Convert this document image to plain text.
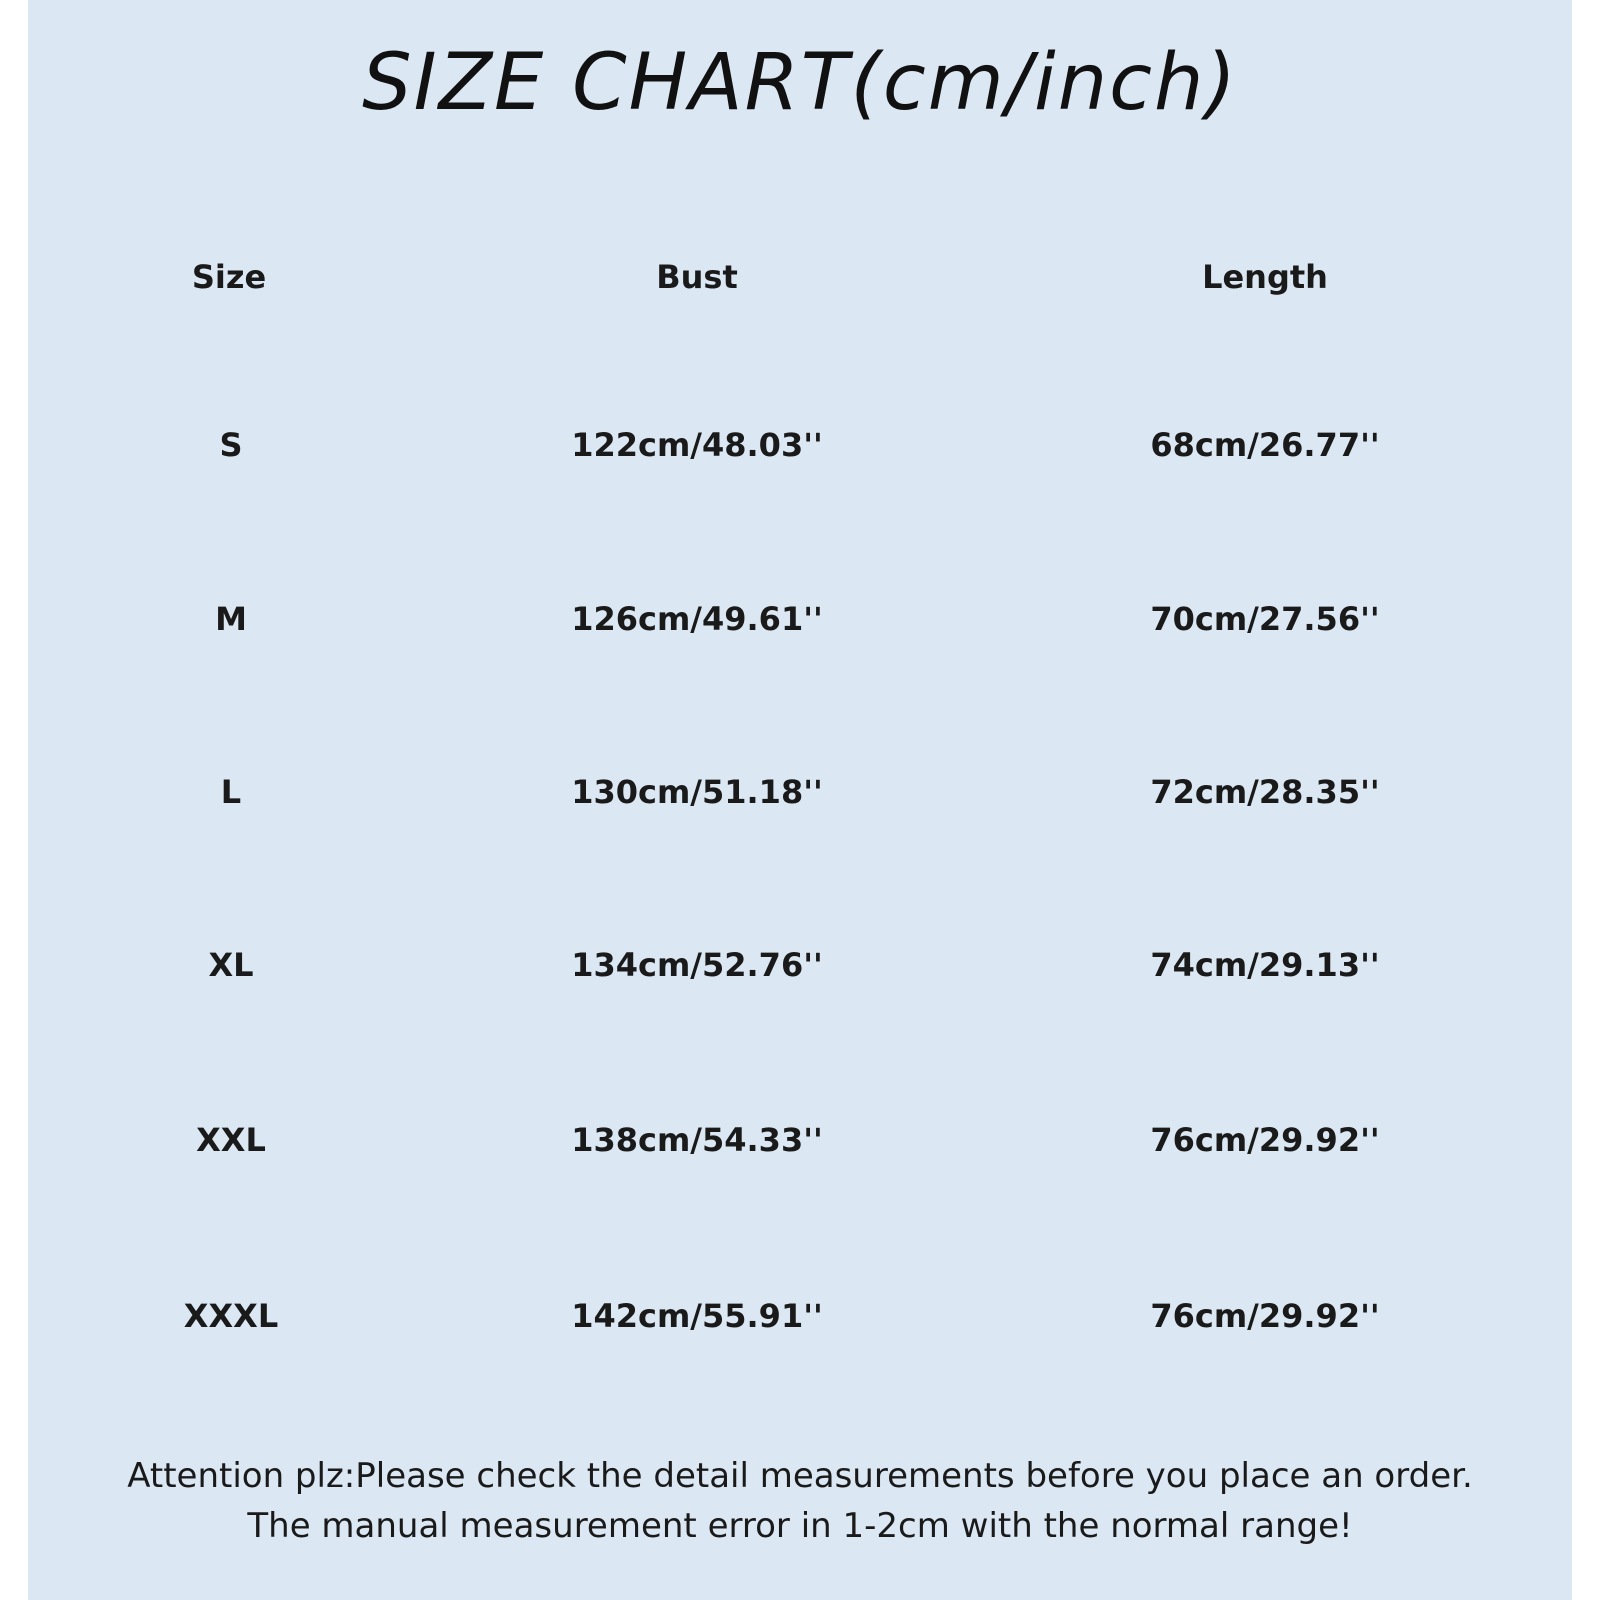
SIZE CHART(cm/inch)
Size	Bust	Length
S	122cm/48.03''	68cm/26.77''
M	126cm/49.61''	70cm/27.56''
L	130cm/51.18''	72cm/28.35''
XL	134cm/52.76''	74cm/29.13''
XXL	138cm/54.33''	76cm/29.92''
XXXL	142cm/55.91''	76cm/29.92''
Attention plz:Please check the detail measurements before you place an order.
The manual measurement error in 1-2cm with the normal range!
